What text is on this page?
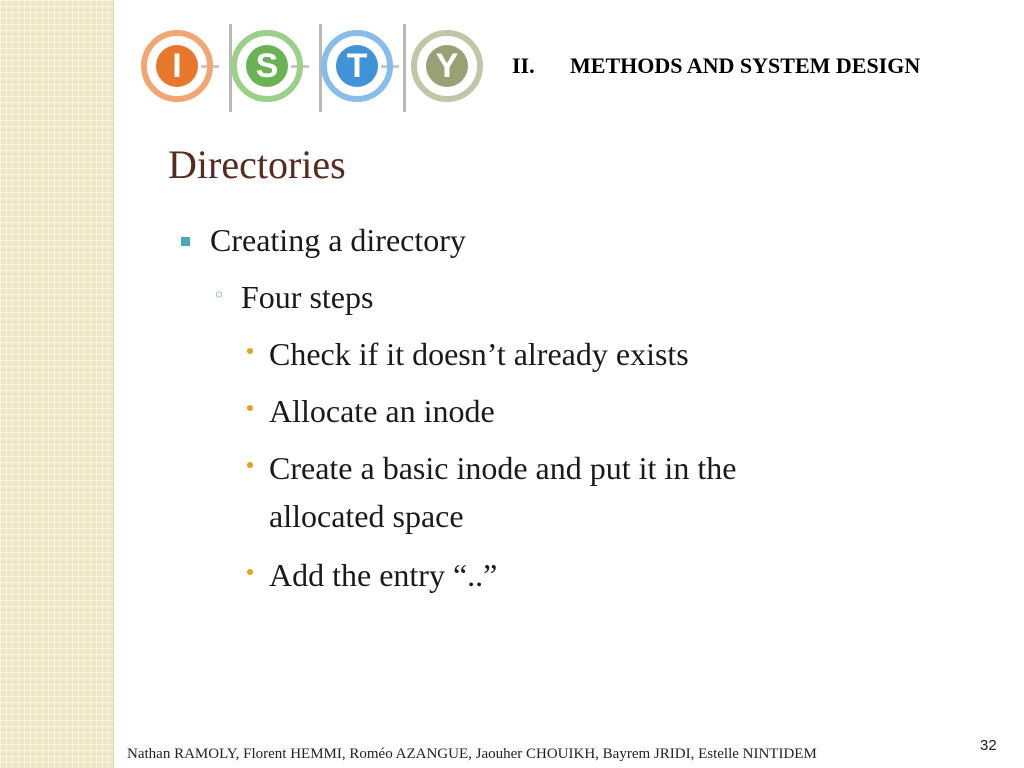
I	S	T	Y	II. METHODS AND SYSTEM DESIGN
Directories
Creating a directory
◦ Four steps
Check if it doesn’t already exists
Allocate an inode
Create a basic inode and put it in the
allocated space
Add the entry “..”
Nathan RAMOLY, Florent HEMMI, Roméo AZANGUE, Jaouher CHOUIKH, Bayrem JRIDI, Estelle NINTIDEM	32
